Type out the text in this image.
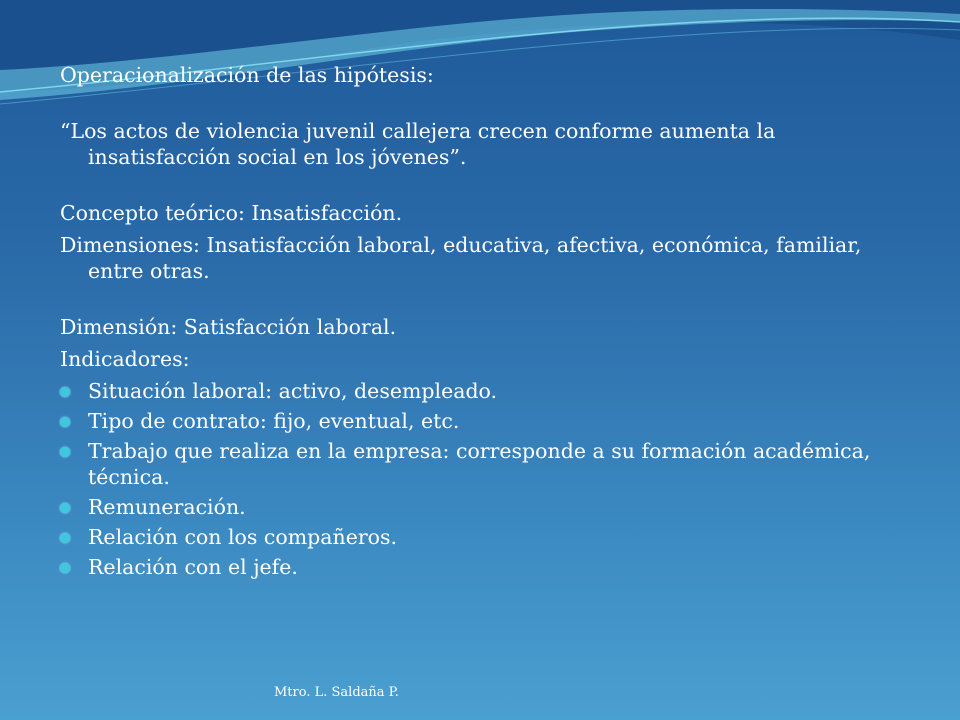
Operacionalización de las hipótesis:

“Los actos de violencia juvenil callejera crecen conforme aumenta la insatisfacción social en los jóvenes”.

Concepto teórico: Insatisfacción.

Dimensiones: Insatisfacción laboral, educativa, afectiva, económica, familiar, entre otras.

Dimensión: Satisfacción laboral.

Indicadores:

Situación laboral: activo, desempleado.
Tipo de contrato: fijo, eventual, etc.
Trabajo que realiza en la empresa: corresponde a su formación académica, técnica.
Remuneración.
Relación con los compañeros.
Relación con el jefe.
Mtro. L. Saldaña P.
